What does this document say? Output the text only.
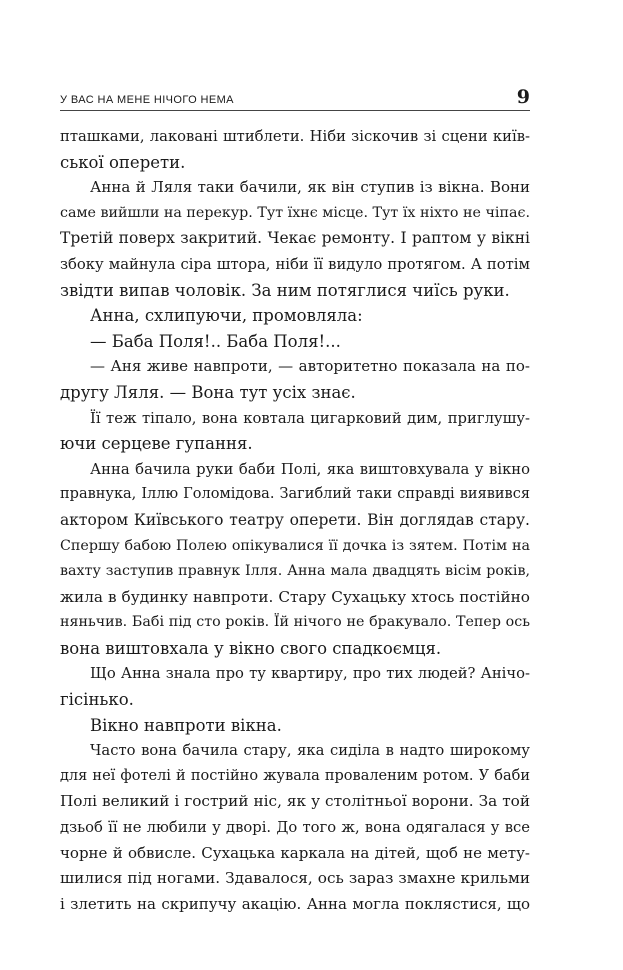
У ВАС НА МЕНЕ НІЧОГО НЕМА	9
пташками, лаковані штиблети. Ніби зіскочив зі сцени київ-
ської оперети.
Анна й Ляля таки бачили, як він ступив із вікна. Вони
саме вийшли на перекур. Тут їхнє місце. Тут їх ніхто не чіпає.
Третій поверх закритий. Чекає ремонту. І раптом у вікні
збоку майнула сіра штора, ніби її видуло протягом. А потім
звідти випав чоловік. За ним потяглися чиїсь руки.
Анна, схлипуючи, промовляла:
— Баба Поля!.. Баба Поля!...
— Аня живе навпроти, — авторитетно показала на по-
другу Ляля. — Вона тут усіх знає.
Її теж тіпало, вона ковтала цигарковий дим, приглушу-
ючи серцеве гупання.
Анна бачила руки баби Полі, яка виштовхувала у вікно
правнука, Іллю Голомідова. Загиблий таки справді виявився
актором Київського театру оперети. Він доглядав стару.
Спершу бабою Полею опікувалися її дочка із зятем. Потім на
вахту заступив правнук Ілля. Анна мала двадцять вісім років,
жила в будинку навпроти. Стару Сухацьку хтось постійно
няньчив. Бабі під сто років. Їй нічого не бракувало. Тепер ось
вона виштовхала у вікно свого спадкоємця.
Що Анна знала про ту квартиру, про тих людей? Анічо-
гісінько.
Вікно навпроти вікна.
Часто вона бачила стару, яка сиділа в надто широкому
для неї фотелі й постійно жувала проваленим ротом. У баби
Полі великий і гострий ніс, як у столітньої ворони. За той
дзьоб її не любили у дворі. До того ж, вона одягалася у все
чорне й обвисле. Сухацька каркала на дітей, щоб не мету-
шилися під ногами. Здавалося, ось зараз змахне крильми
і злетить на скрипучу акацію. Анна могла поклястися, що
